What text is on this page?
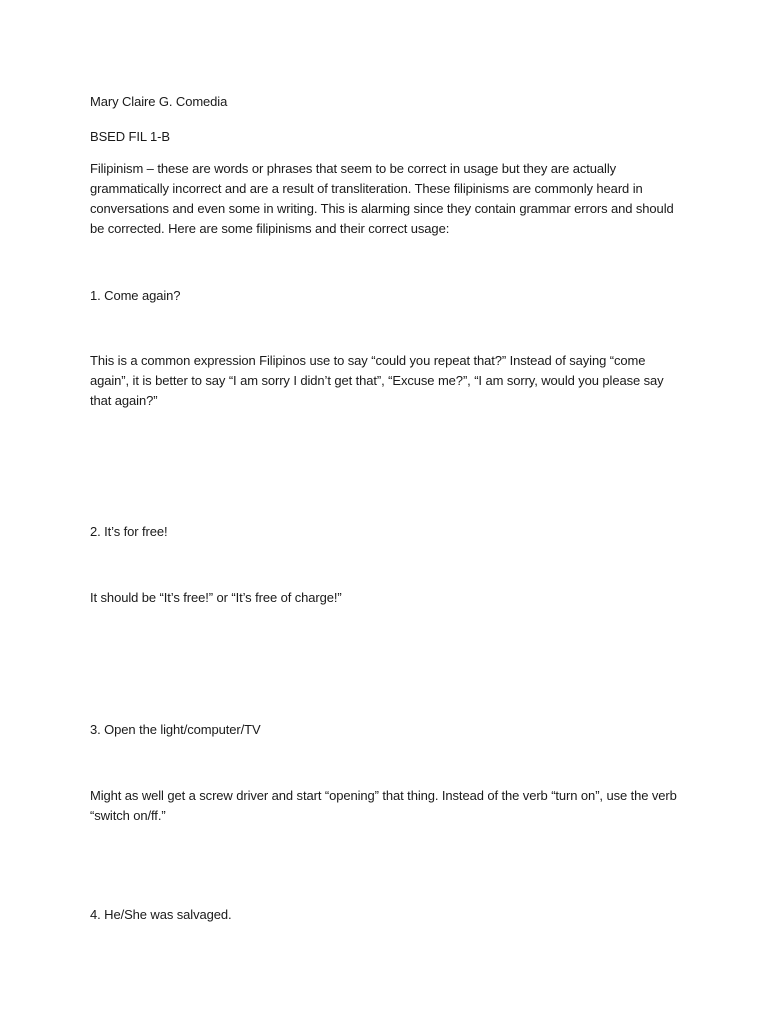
Mary Claire G. Comedia

BSED FIL 1-B

Filipinism – these are words or phrases that seem to be correct in usage but they are actually grammatically incorrect and are a result of transliteration. These filipinisms are commonly heard in conversations and even some in writing. This is alarming since they contain grammar errors and should be corrected. Here are some filipinisms and their correct usage:

1. Come again?

This is a common expression Filipinos use to say “could you repeat that?” Instead of saying “come again”, it is better to say “I am sorry I didn’t get that”, “Excuse me?”, “I am sorry, would you please say that again?”

2. It’s for free!

It should be “It’s free!” or “It’s free of charge!”

3. Open the light/computer/TV

Might as well get a screw driver and start “opening” that thing. Instead of the verb “turn on”, use the verb “switch on/ff.”

4. He/She was salvaged.
